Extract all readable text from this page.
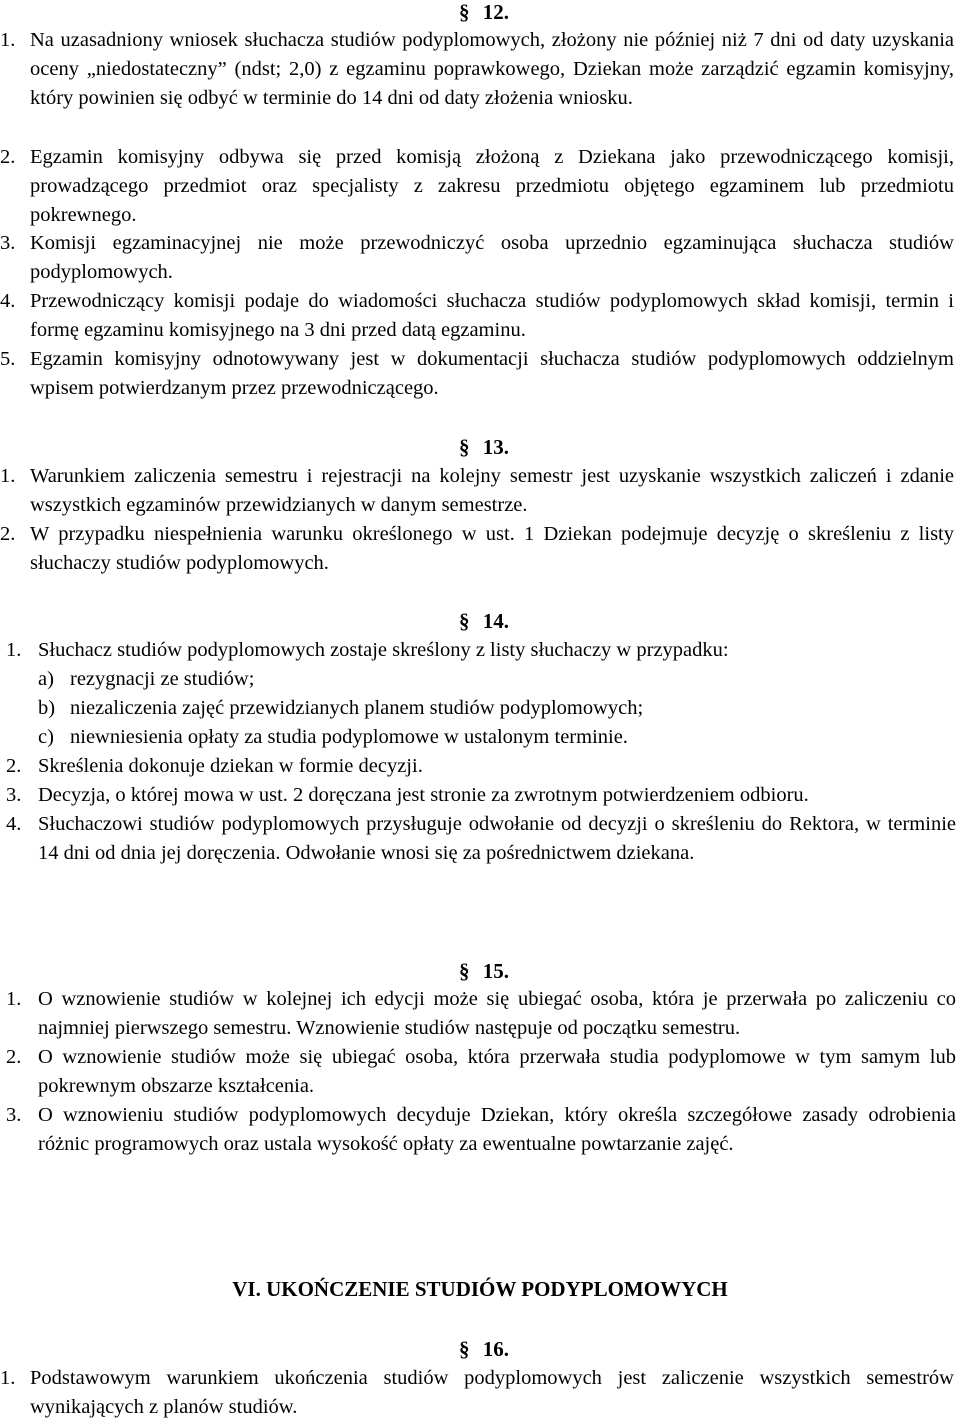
§ 12.
1. Na uzasadniony wniosek słuchacza studiów podyplomowych, złożony nie później niż 7 dni od daty uzyskania oceny „niedostateczny” (ndst; 2,0) z egzaminu poprawkowego, Dziekan może zarządzić egzamin komisyjny, który powinien się odbyć w terminie do 14 dni od daty złożenia wniosku.
2. Egzamin komisyjny odbywa się przed komisją złożoną z Dziekana jako przewodniczącego komisji, prowadzącego przedmiot oraz specjalisty z zakresu przedmiotu objętego egzaminem lub przedmiotu pokrewnego.
3. Komisji egzaminacyjnej nie może przewodniczyć osoba uprzednio egzaminująca słuchacza studiów podyplomowych.
4. Przewodniczący komisji podaje do wiadomości słuchacza studiów podyplomowych skład komisji, termin i formę egzaminu komisyjnego na 3 dni przed datą egzaminu.
5. Egzamin komisyjny odnotowywany jest w dokumentacji słuchacza studiów podyplomowych oddzielnym wpisem potwierdzanym przez przewodniczącego.
§ 13.
1. Warunkiem zaliczenia semestru i rejestracji na kolejny semestr jest uzyskanie wszystkich zaliczeń i zdanie wszystkich egzaminów przewidzianych w danym semestrze.
2. W przypadku niespełnienia warunku określonego w ust. 1 Dziekan podejmuje decyzję o skreśleniu z listy słuchaczy studiów podyplomowych.
§ 14.
1. Słuchacz studiów podyplomowych zostaje skreślony z listy słuchaczy w przypadku:
a) rezygnacji ze studiów;
b) niezaliczenia zajęć przewidzianych planem studiów podyplomowych;
c) niewniesienia opłaty za studia podyplomowe w ustalonym terminie.
2. Skreślenia dokonuje dziekan w formie decyzji.
3. Decyzja, o której mowa w ust. 2 doręczana jest stronie za zwrotnym potwierdzeniem odbioru.
4. Słuchaczowi studiów podyplomowych przysługuje odwołanie od decyzji o skreśleniu do Rektora, w terminie 14 dni od dnia jej doręczenia. Odwołanie wnosi się za pośrednictwem dziekana.
§ 15.
1. O wznowienie studiów w kolejnej ich edycji może się ubiegać osoba, która je przerwała po zaliczeniu co najmniej pierwszego semestru. Wznowienie studiów następuje od początku semestru.
2. O wznowienie studiów może się ubiegać osoba, która przerwała studia podyplomowe w tym samym lub pokrewnym obszarze kształcenia.
3. O wznowieniu studiów podyplomowych decyduje Dziekan, który określa szczegółowe zasady odrobienia różnic programowych oraz ustala wysokość opłaty za ewentualne powtarzanie zajęć.
VI. UKOŃCZENIE STUDIÓW PODYPLOMOWYCH
§ 16.
1. Podstawowym warunkiem ukończenia studiów podyplomowych jest zaliczenie wszystkich semestrów wynikających z planów studiów.
